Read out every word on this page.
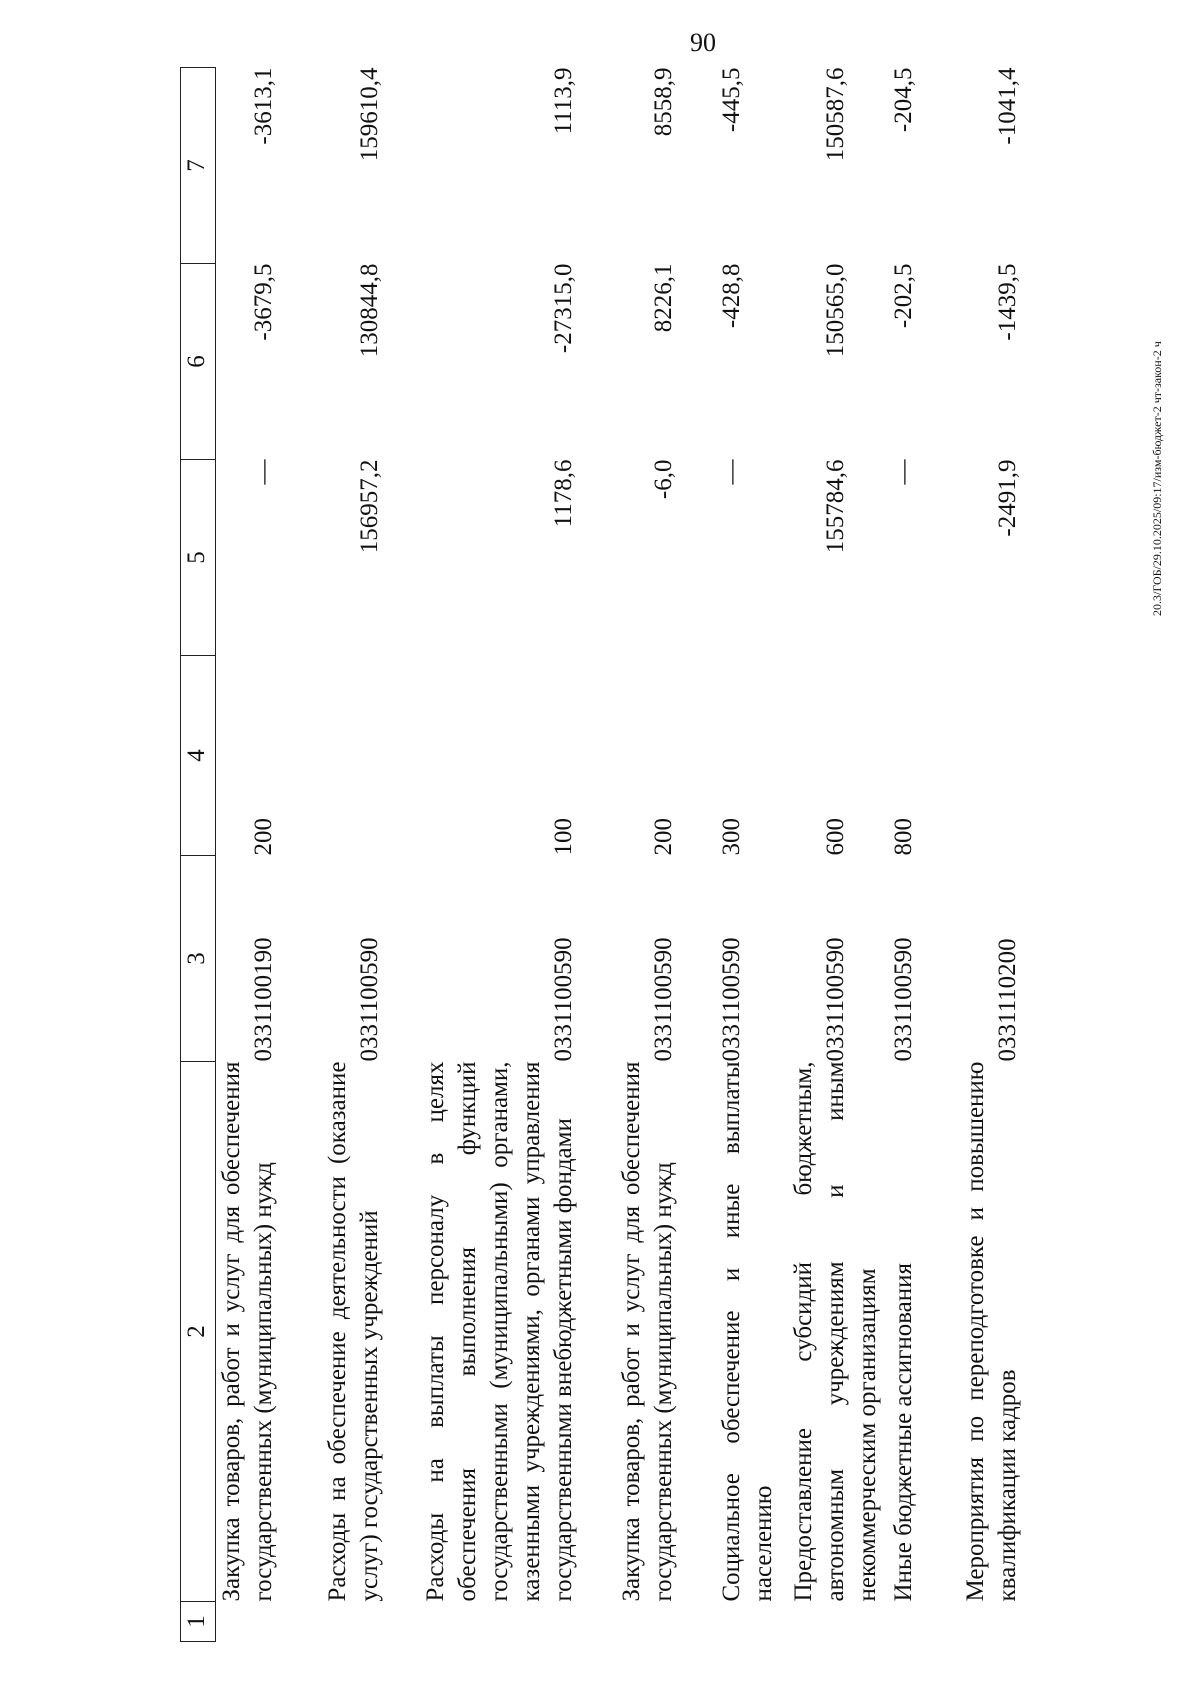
90
20.3/ГОБ/29.10.2025/09:17/изм-бюджет-2 чт-закон-2 ч
1	2	3	4	5	6	7
	Закупка товаров, работ и услуг для обеспечения государственных (муниципальных) нужд	0331100190	200	—	-3679,5	-3613,1
	Расходы на обеспечение деятельности (оказание услуг) государственных учреждений	0331100590		156957,2	130844,8	159610,4
	Расходы на выплаты персоналу в целях обеспечения выполнения функций государственными (муниципальными) органами, казенными учреждениями, органами управления государственными внебюджетными фондами	0331100590	100	1178,6	-27315,0	1113,9
	Закупка товаров, работ и услуг для обеспечения государственных (муниципальных) нужд	0331100590	200	-6,0	8226,1	8558,9
	Социальное обеспечение и иные выплаты населению	0331100590	300	—	-428,8	-445,5
	Предоставление субсидий бюджетным, автономным учреждениям и иным некоммерческим организациям	0331100590	600	155784,6	150565,0	150587,6
	Иные бюджетные ассигнования	0331100590	800	—	-202,5	-204,5
	Мероприятия по переподготовке и повышению квалификации кадров	0331110200		-2491,9	-1439,5	-1041,4
